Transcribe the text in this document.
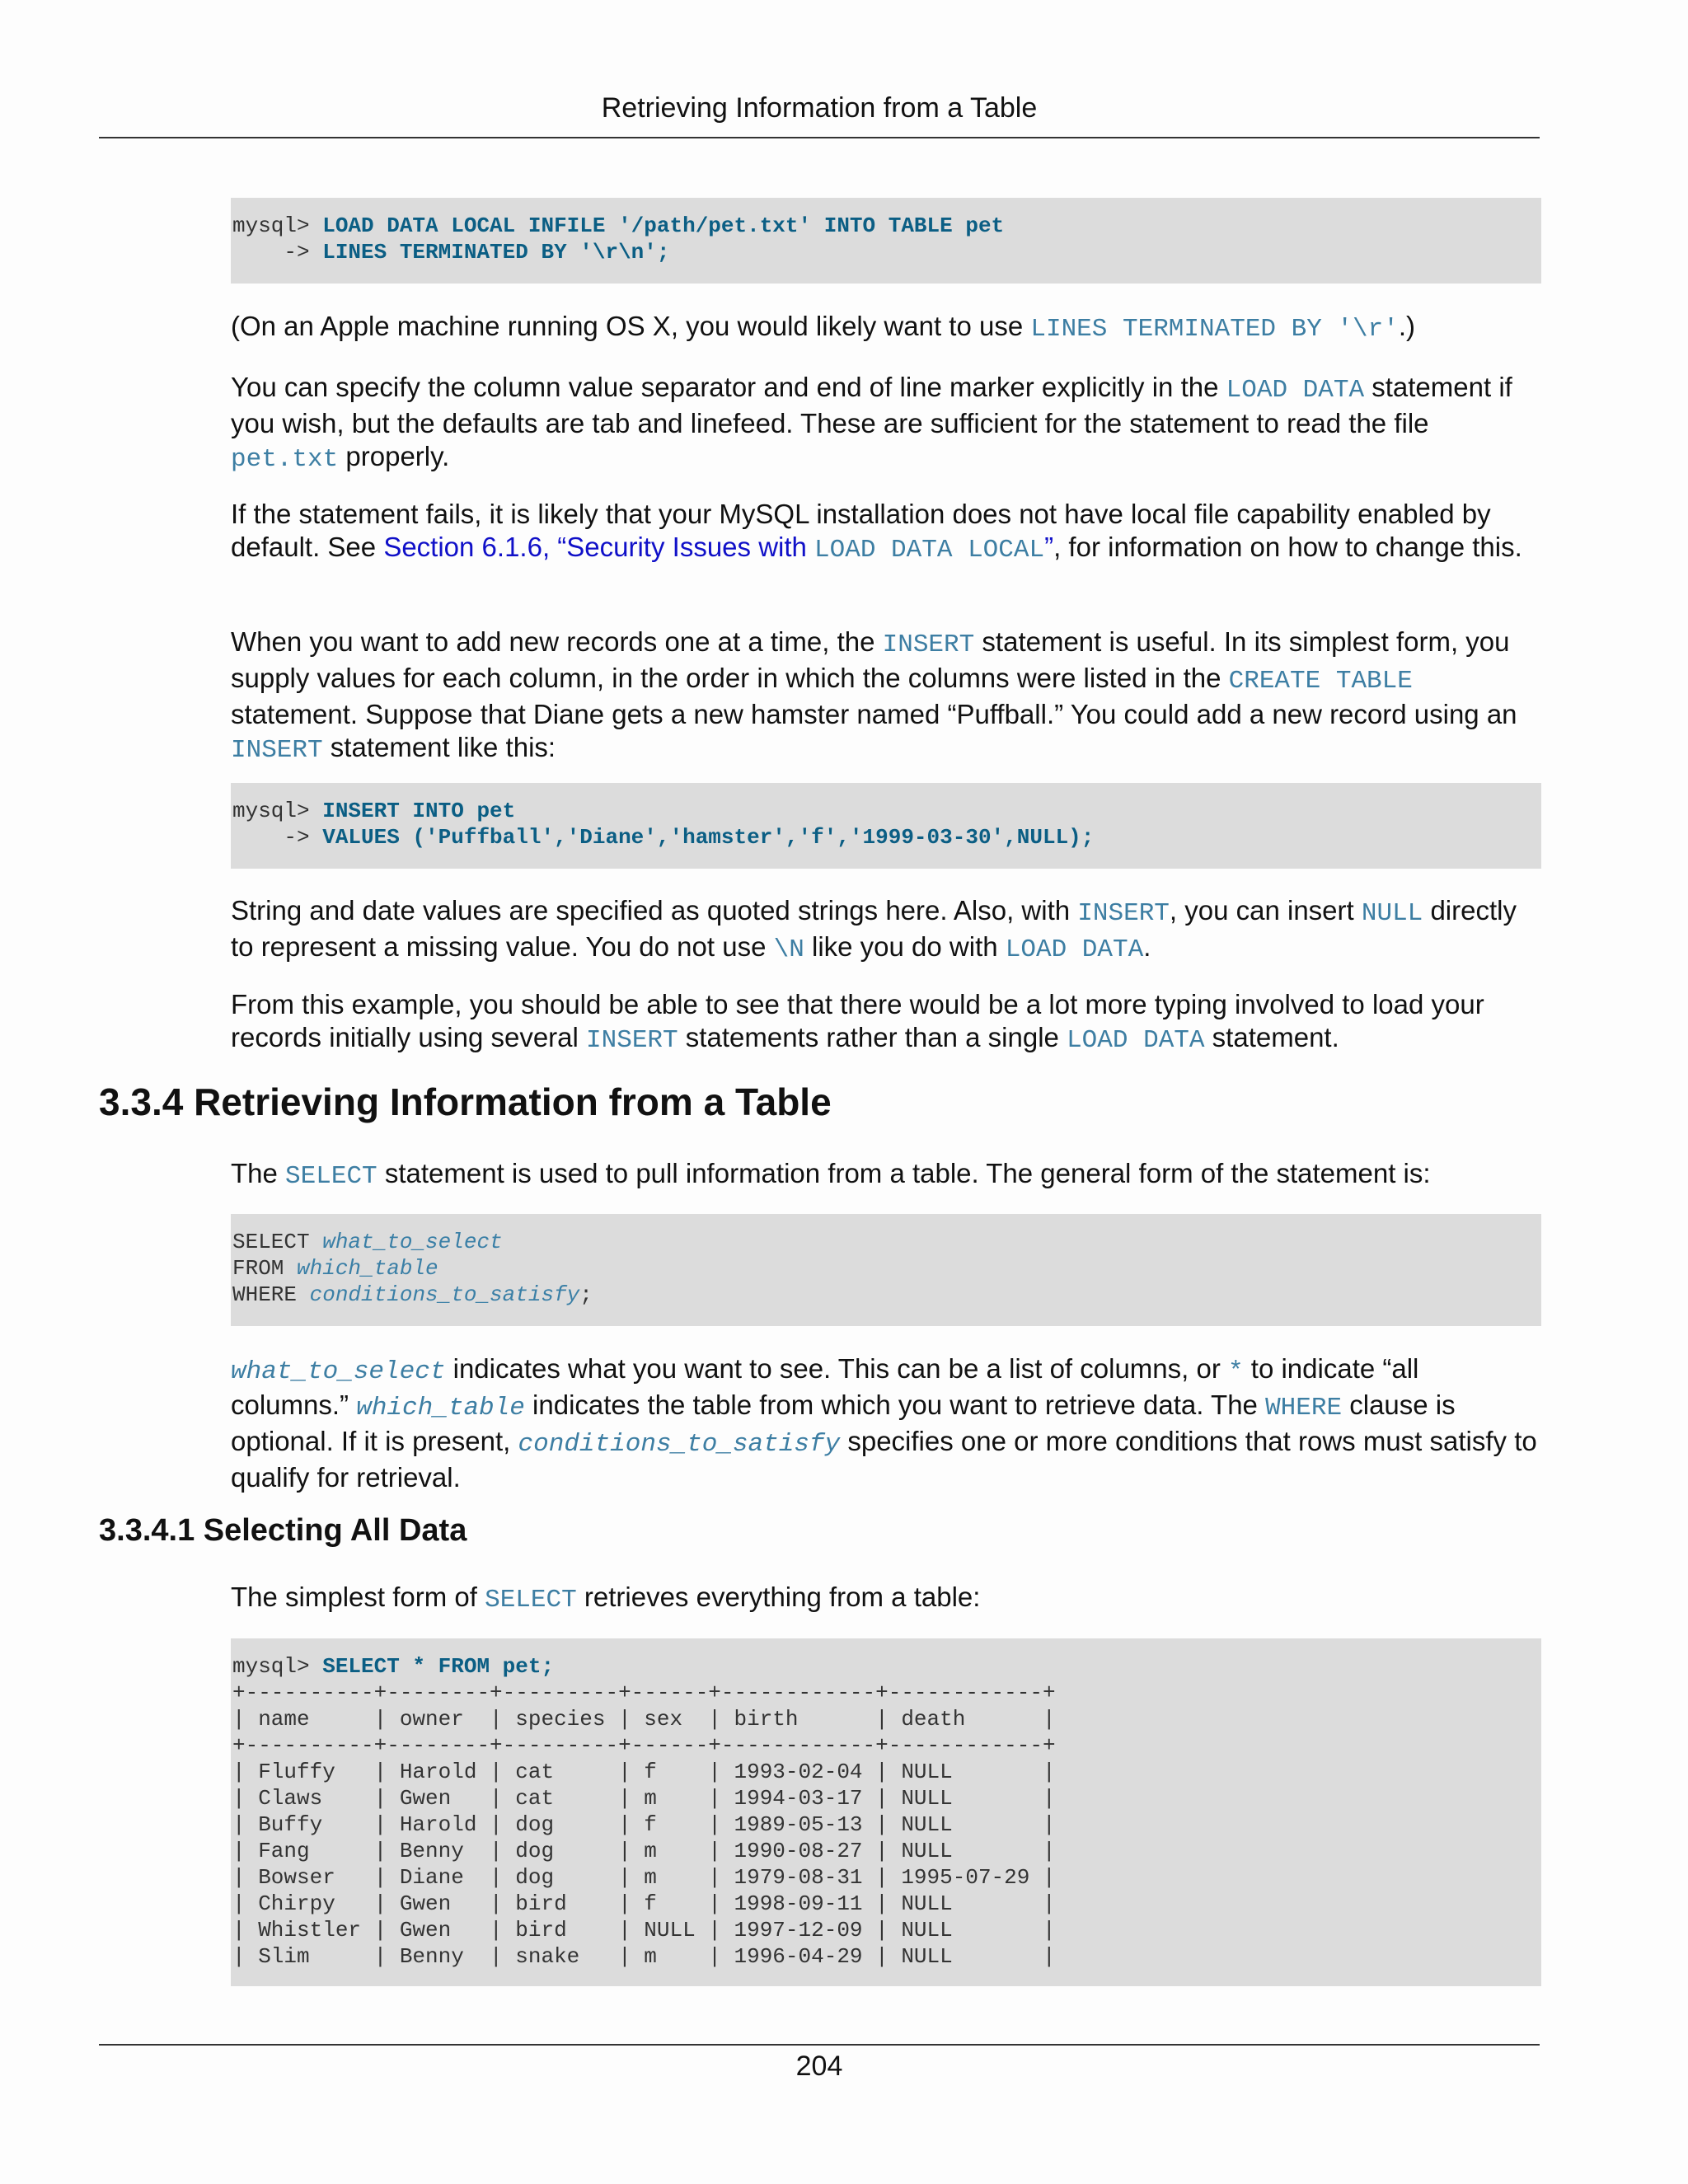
Retrieving Information from a Table
mysql> LOAD DATA LOCAL INFILE '/path/pet.txt' INTO TABLE pet
-> LINES TERMINATED BY '\r\n';

(On an Apple machine running OS X, you would likely want to use LINES TERMINATED BY '\r'.)

You can specify the column value separator and end of line marker explicitly in the LOAD DATA statement if you wish, but the defaults are tab and linefeed. These are sufficient for the statement to read the file pet.txt properly.

If the statement fails, it is likely that your MySQL installation does not have local file capability enabled by default. See Section 6.1.6, “Security Issues with LOAD DATA LOCAL”, for information on how to change this.

When you want to add new records one at a time, the INSERT statement is useful. In its simplest form, you supply values for each column, in the order in which the columns were listed in the CREATE TABLE statement. Suppose that Diane gets a new hamster named “Puffball.” You could add a new record using an INSERT statement like this:

mysql> INSERT INTO pet
-> VALUES ('Puffball','Diane','hamster','f','1999-03-30',NULL);

String and date values are specified as quoted strings here. Also, with INSERT, you can insert NULL directly to represent a missing value. You do not use \N like you do with LOAD DATA.

From this example, you should be able to see that there would be a lot more typing involved to load your records initially using several INSERT statements rather than a single LOAD DATA statement.

3.3.4 Retrieving Information from a Table

The SELECT statement is used to pull information from a table. The general form of the statement is:

SELECT what_to_select
FROM which_table
WHERE conditions_to_satisfy;

what_to_select indicates what you want to see. This can be a list of columns, or * to indicate “all columns.” which_table indicates the table from which you want to retrieve data. The WHERE clause is optional. If it is present, conditions_to_satisfy specifies one or more conditions that rows must satisfy to qualify for retrieval.

3.3.4.1 Selecting All Data

The simplest form of SELECT retrieves everything from a table:

mysql> SELECT * FROM pet;
+----------+--------+---------+------+------------+------------+
| name     | owner  | species | sex  | birth      | death      |
+----------+--------+---------+------+------------+------------+
| Fluffy   | Harold | cat     | f    | 1993-02-04 | NULL       |
| Claws    | Gwen   | cat     | m    | 1994-03-17 | NULL       |
| Buffy    | Harold | dog     | f    | 1989-05-13 | NULL       |
| Fang     | Benny  | dog     | m    | 1990-08-27 | NULL       |
| Bowser   | Diane  | dog     | m    | 1979-08-31 | 1995-07-29 |
| Chirpy   | Gwen   | bird    | f    | 1998-09-11 | NULL       |
| Whistler | Gwen   | bird    | NULL | 1997-12-09 | NULL       |
| Slim     | Benny  | snake   | m    | 1996-04-29 | NULL       |
204
